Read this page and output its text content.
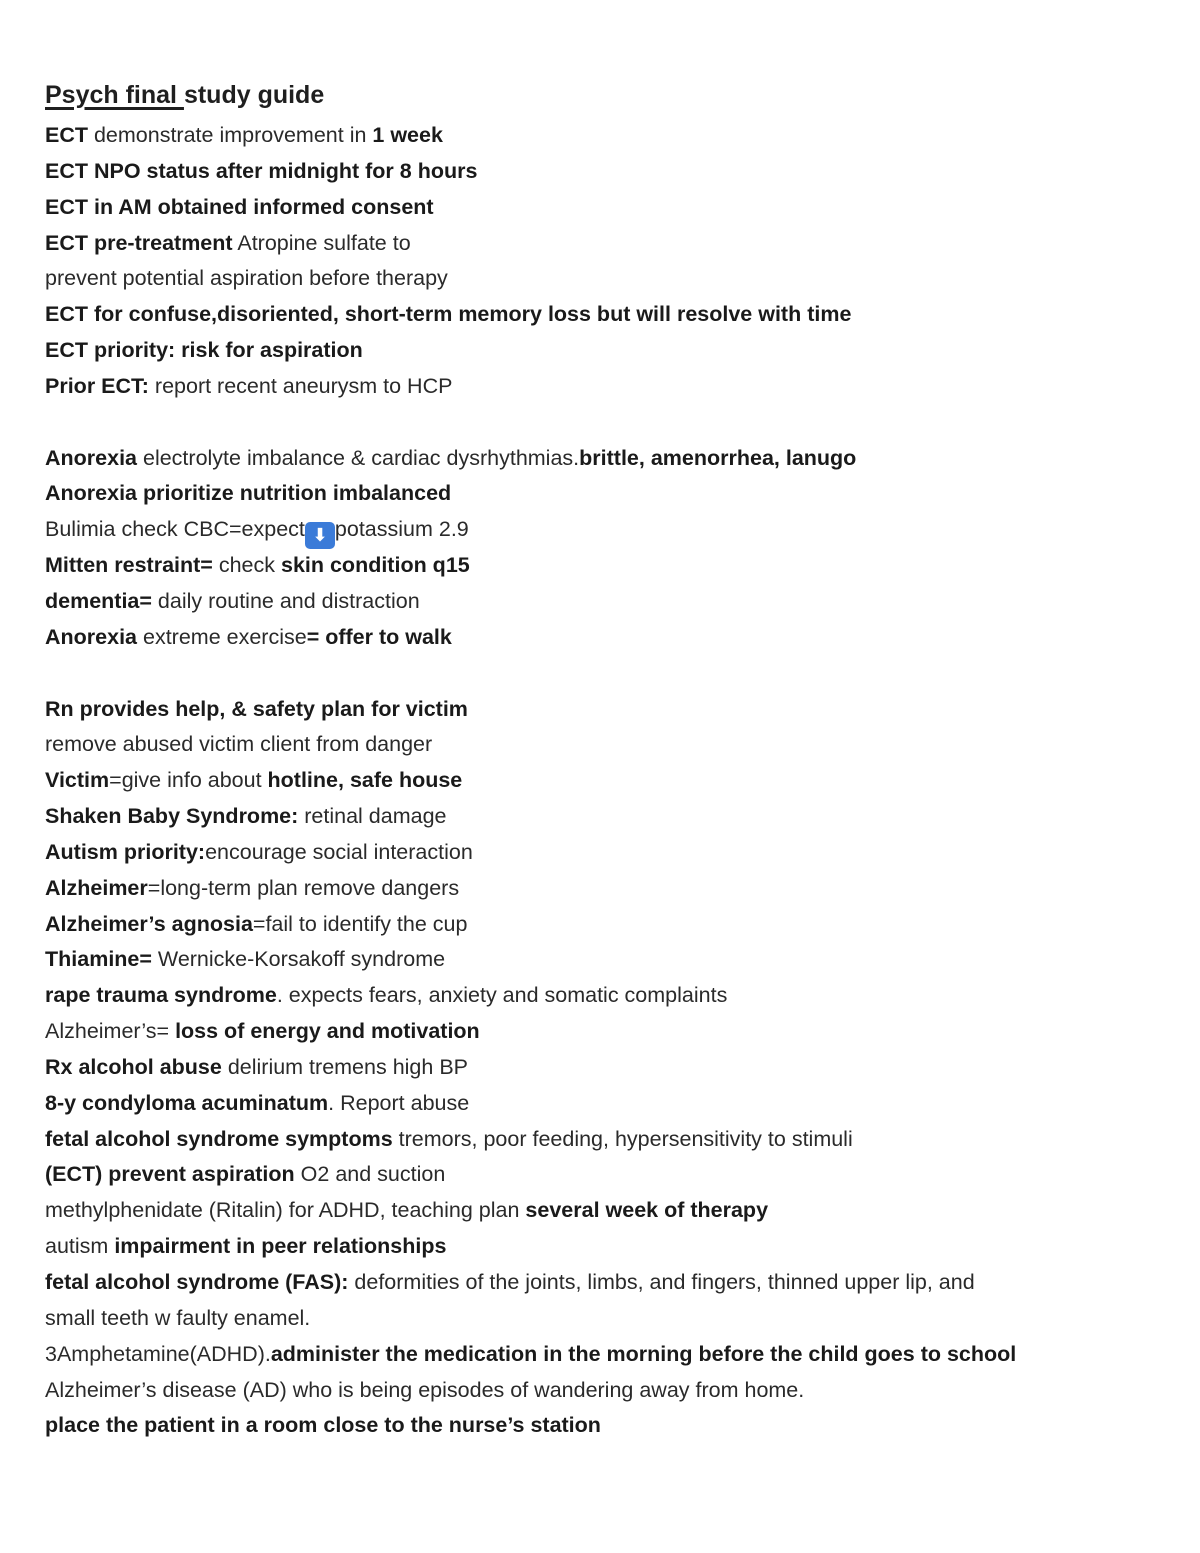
Psych final study guide
ECT demonstrate improvement in 1 week
ECT NPO status after midnight for 8 hours
ECT in AM obtained informed consent
ECT pre-treatment Atropine sulfate to
prevent potential aspiration before therapy
ECT for confuse,disoriented, short-term memory loss but will resolve with time
ECT priority: risk for aspiration
Prior ECT: report recent aneurysm to HCP
Anorexia electrolyte imbalance & cardiac dysrhythmias.brittle, amenorrhea, lanugo
Anorexia prioritize nutrition imbalanced
Bulimia check CBC=expect ⬇ potassium 2.9
Mitten restraint= check skin condition q15
dementia= daily routine and distraction
Anorexia extreme exercise= offer to walk
Rn provides help, & safety plan for victim
remove abused victim client from danger
Victim=give info about hotline, safe house
Shaken Baby Syndrome: retinal damage
Autism priority:encourage social interaction
Alzheimer=long-term plan remove dangers
Alzheimer’s agnosia=fail to identify the cup
Thiamine= Wernicke-Korsakoff syndrome
rape trauma syndrome. expects fears, anxiety and somatic complaints
Alzheimer’s= loss of energy and motivation
Rx alcohol abuse delirium tremens high BP
8-y condyloma acuminatum. Report abuse
fetal alcohol syndrome symptoms tremors, poor feeding, hypersensitivity to stimuli
(ECT) prevent aspiration O2 and suction
methylphenidate (Ritalin) for ADHD, teaching plan several week of therapy
autism impairment in peer relationships
fetal alcohol syndrome (FAS): deformities of the joints, limbs, and fingers, thinned upper lip, and
small teeth w faulty enamel.
3Amphetamine(ADHD).administer the medication in the morning before the child goes to school
Alzheimer’s disease (AD) who is being episodes of wandering away from home.
place the patient in a room close to the nurse’s station
